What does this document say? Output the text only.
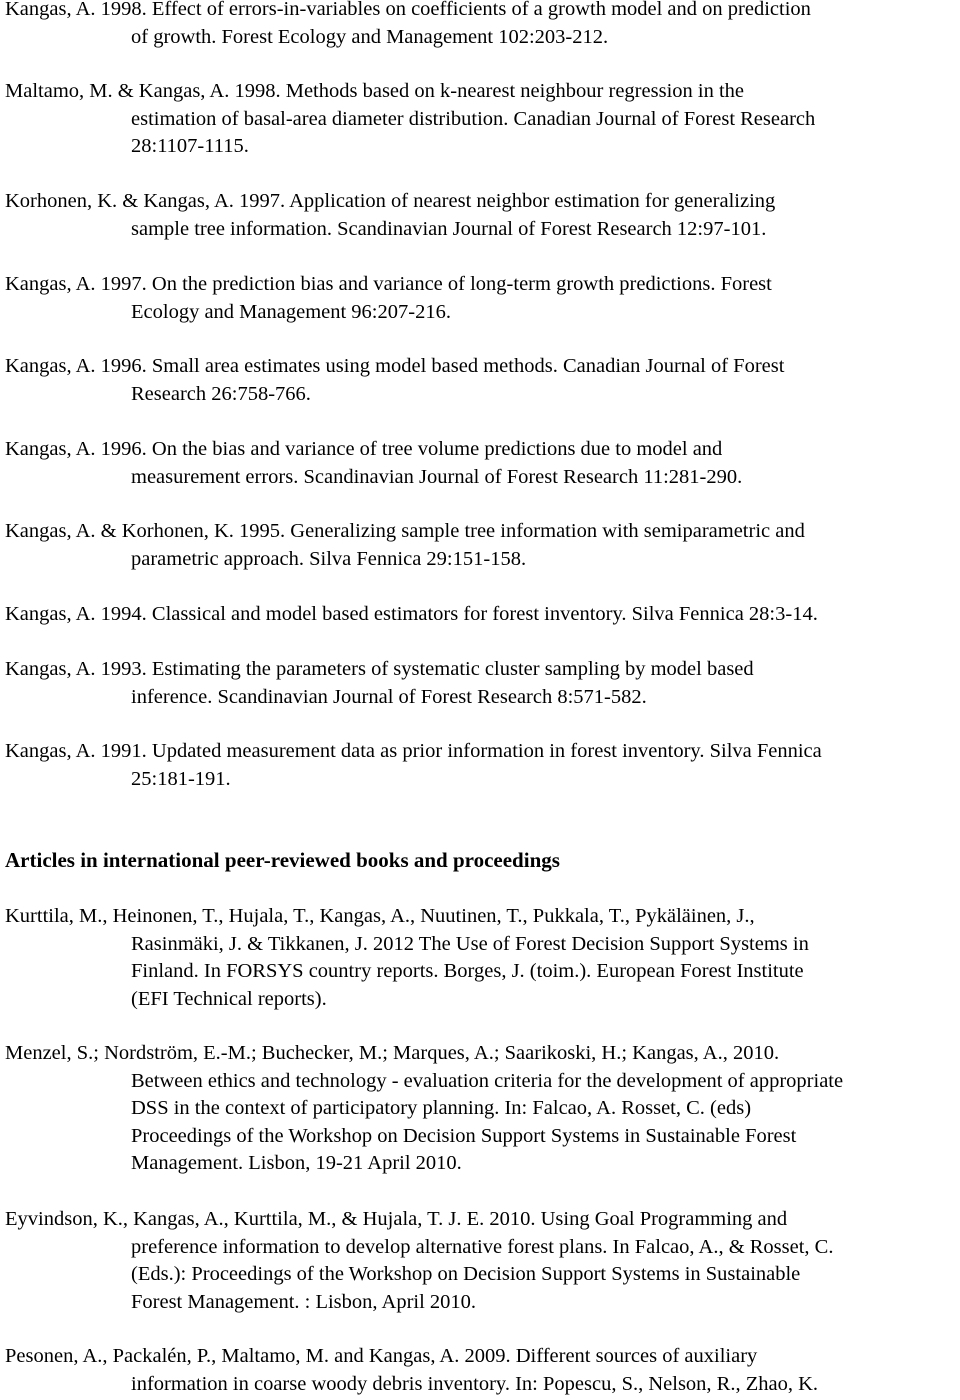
Kangas, A. 1998. Effect of errors-in-variables on coefficients of a growth model and on prediction
of growth. Forest Ecology and Management 102:203-212.
Maltamo, M. & Kangas, A. 1998. Methods based on k-nearest neighbour regression in the
estimation of basal-area diameter distribution. Canadian Journal of Forest Research
28:1107-1115.
Korhonen, K. & Kangas, A. 1997. Application of nearest neighbor estimation for generalizing
sample tree information. Scandinavian Journal of Forest Research 12:97-101.
Kangas, A. 1997. On the prediction bias and variance of long-term growth predictions. Forest
Ecology and Management 96:207-216.
Kangas, A. 1996. Small area estimates using model based methods. Canadian Journal of Forest
Research 26:758-766.
Kangas, A. 1996. On the bias and variance of tree volume predictions due to model and
measurement errors. Scandinavian Journal of Forest Research 11:281-290.
Kangas, A. & Korhonen, K. 1995. Generalizing sample tree information with semiparametric and
parametric approach. Silva Fennica 29:151-158.
Kangas, A. 1994. Classical and model based estimators for forest inventory. Silva Fennica 28:3-14.
Kangas, A. 1993. Estimating the parameters of systematic cluster sampling by model based
inference. Scandinavian Journal of Forest Research 8:571-582.
Kangas, A. 1991. Updated measurement data as prior information in forest inventory. Silva Fennica
25:181-191.
Articles in international peer-reviewed books and proceedings
Kurttila, M., Heinonen, T., Hujala, T., Kangas, A., Nuutinen, T., Pukkala, T., Pykäläinen, J.,
Rasinmäki, J. & Tikkanen, J. 2012 The Use of Forest Decision Support Systems in
Finland. In FORSYS country reports. Borges, J. (toim.). European Forest Institute
(EFI Technical reports).
Menzel, S.; Nordström, E.-M.; Buchecker, M.; Marques, A.; Saarikoski, H.; Kangas, A., 2010.
Between ethics and technology - evaluation criteria for the development of appropriate
DSS in the context of participatory planning. In: Falcao, A. Rosset, C. (eds)
Proceedings of the Workshop on Decision Support Systems in Sustainable Forest
Management. Lisbon, 19-21 April 2010.
Eyvindson, K., Kangas, A., Kurttila, M., & Hujala, T. J. E. 2010. Using Goal Programming and
preference information to develop alternative forest plans. In Falcao, A., & Rosset, C.
(Eds.): Proceedings of the Workshop on Decision Support Systems in Sustainable
Forest Management. : Lisbon, April 2010.
Pesonen, A., Packalén, P., Maltamo, M. and Kangas, A. 2009. Different sources of auxiliary
information in coarse woody debris inventory. In: Popescu, S., Nelson, R., Zhao, K.
